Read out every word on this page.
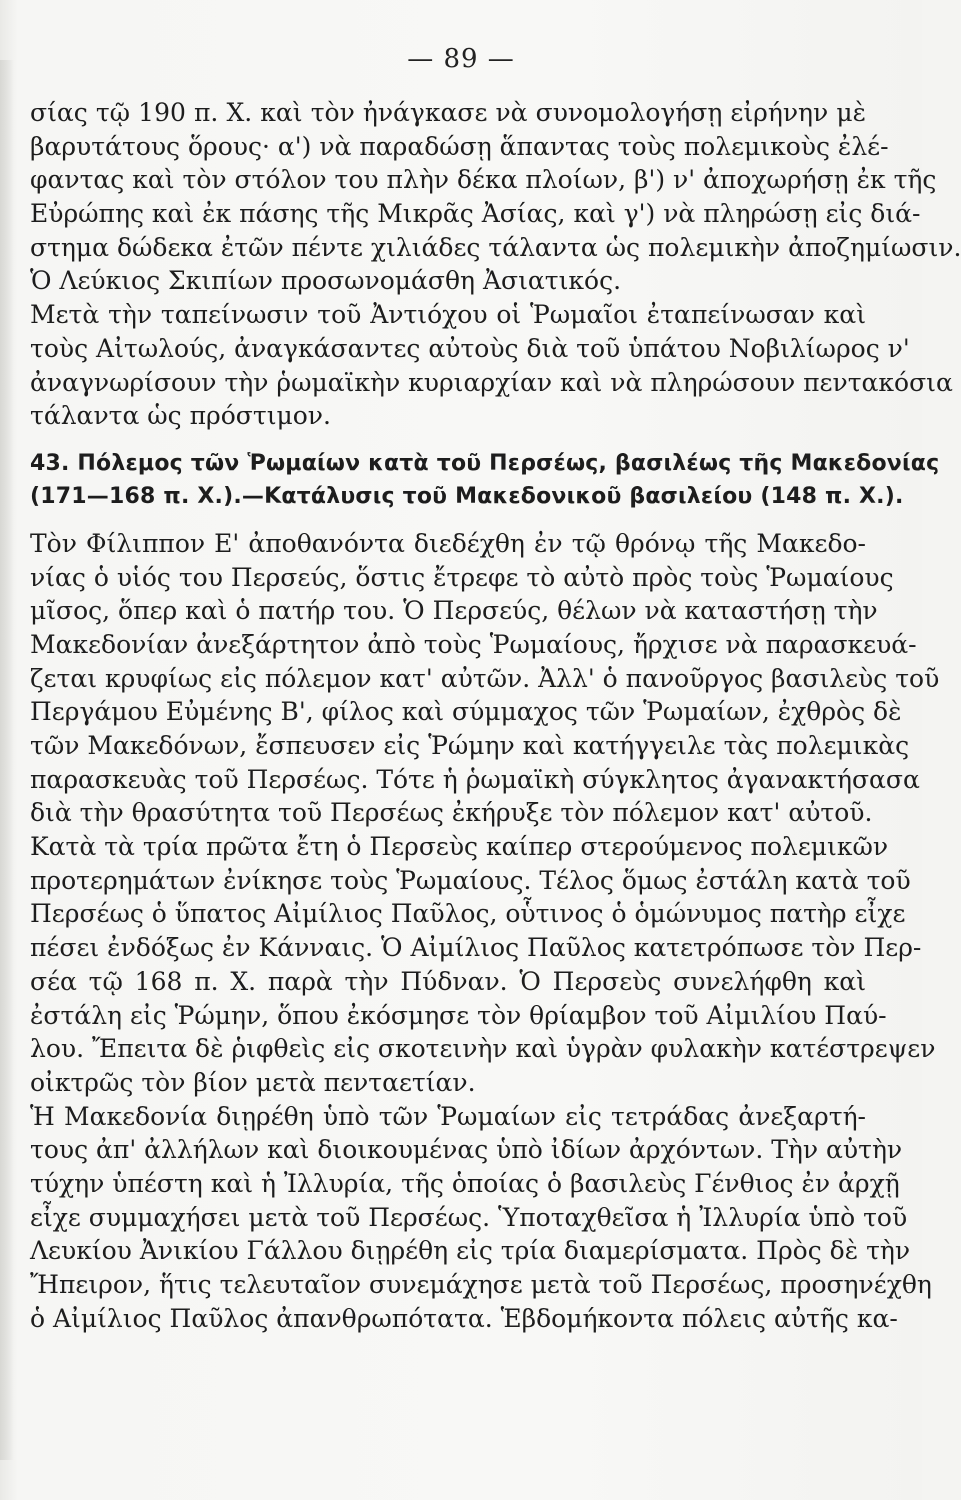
— 89 —
σίας τῷ 190 π. Χ. καὶ τὸν ἠνάγκασε νὰ συνομολογήσῃ εἰρήνην μὲ
βαρυτάτους ὅρους· α') νὰ παραδώσῃ ἅπαντας τοὺς πολεμικοὺς ἐλέ-
φαντας καὶ τὸν στόλον του πλὴν δέκα πλοίων, β') ν' ἀποχωρήσῃ ἐκ τῆς
Εὐρώπης καὶ ἐκ πάσης τῆς Μικρᾶς Ἀσίας, καὶ γ') νὰ πληρώσῃ εἰς διά-
στημα δώδεκα ἐτῶν πέντε χιλιάδες τάλαντα ὡς πολεμικὴν ἀποζημίωσιν.
Ὁ Λεύκιος Σκιπίων προσωνομάσθη Ἀσιατικός.
Μετὰ τὴν ταπείνωσιν τοῦ Ἀντιόχου οἱ Ῥωμαῖοι ἐταπείνωσαν καὶ
τοὺς Αἰτωλούς, ἀναγκάσαντες αὐτοὺς διὰ τοῦ ὑπάτου Νοβιλίωρος ν'
ἀναγνωρίσουν τὴν ῥωμαϊκὴν κυριαρχίαν καὶ νὰ πληρώσουν πεντακόσια
τάλαντα ὡς πρόστιμον.
43. Πόλεμος τῶν Ῥωμαίων κατὰ τοῦ Περσέως, βασιλέως τῆς Μακεδονίας
(171—168 π. Χ.).—Κατάλυσις τοῦ Μακεδονικοῦ βασιλείου (148 π. Χ.).
Τὸν Φίλιππον Ε' ἀποθανόντα διεδέχθη ἐν τῷ θρόνῳ τῆς Μακεδο-
νίας ὁ υἱός του Περσεύς, ὅστις ἔτρεφε τὸ αὐτὸ πρὸς τοὺς Ῥωμαίους
μῖσος, ὅπερ καὶ ὁ πατήρ του. Ὁ Περσεύς, θέλων νὰ καταστήσῃ τὴν
Μακεδονίαν ἀνεξάρτητον ἀπὸ τοὺς Ῥωμαίους, ἤρχισε νὰ παρασκευά-
ζεται κρυφίως εἰς πόλεμον κατ' αὐτῶν. Ἀλλ' ὁ πανοῦργος βασιλεὺς τοῦ
Περγάμου Εὐμένης Β', φίλος καὶ σύμμαχος τῶν Ῥωμαίων, ἐχθρὸς δὲ
τῶν Μακεδόνων, ἔσπευσεν εἰς Ῥώμην καὶ κατήγγειλε τὰς πολεμικὰς
παρασκευὰς τοῦ Περσέως. Τότε ἡ ῥωμαϊκὴ σύγκλητος ἀγανακτήσασα
διὰ τὴν θρασύτητα τοῦ Περσέως ἐκήρυξε τὸν πόλεμον κατ' αὐτοῦ.
Κατὰ τὰ τρία πρῶτα ἔτη ὁ Περσεὺς καίπερ στερούμενος πολεμικῶν
προτερημάτων ἐνίκησε τοὺς Ῥωμαίους. Τέλος ὅμως ἐστάλη κατὰ τοῦ
Περσέως ὁ ὕπατος Αἰμίλιος Παῦλος, οὗτινος ὁ ὁμώνυμος πατὴρ εἶχε
πέσει ἐνδόξως ἐν Κάνναις. Ὁ Αἰμίλιος Παῦλος κατετρόπωσε τὸν Περ-
σέα τῷ 168 π. Χ. παρὰ τὴν Πύδναν. Ὁ Περσεὺς συνελήφθη καὶ
ἐστάλη εἰς Ῥώμην, ὅπου ἐκόσμησε τὸν θρίαμβον τοῦ Αἰμιλίου Παύ-
λου. Ἔπειτα δὲ ῥιφθεὶς εἰς σκοτεινὴν καὶ ὑγρὰν φυλακὴν κατέστρεψεν
οἰκτρῶς τὸν βίον μετὰ πενταετίαν.
Ἡ Μακεδονία διῃρέθη ὑπὸ τῶν Ῥωμαίων εἰς τετράδας ἀνεξαρτή-
τους ἀπ' ἀλλήλων καὶ διοικουμένας ὑπὸ ἰδίων ἀρχόντων. Τὴν αὐτὴν
τύχην ὑπέστη καὶ ἡ Ἰλλυρία, τῆς ὁποίας ὁ βασιλεὺς Γένθιος ἐν ἀρχῇ
εἶχε συμμαχήσει μετὰ τοῦ Περσέως. Ὑποταχθεῖσα ἡ Ἰλλυρία ὑπὸ τοῦ
Λευκίου Ἀνικίου Γάλλου διῃρέθη εἰς τρία διαμερίσματα. Πρὸς δὲ τὴν
Ἤπειρον, ἥτις τελευταῖον συνεμάχησε μετὰ τοῦ Περσέως, προσηνέχθη
ὁ Αἰμίλιος Παῦλος ἀπανθρωπότατα. Ἑβδομήκοντα πόλεις αὐτῆς κα-
